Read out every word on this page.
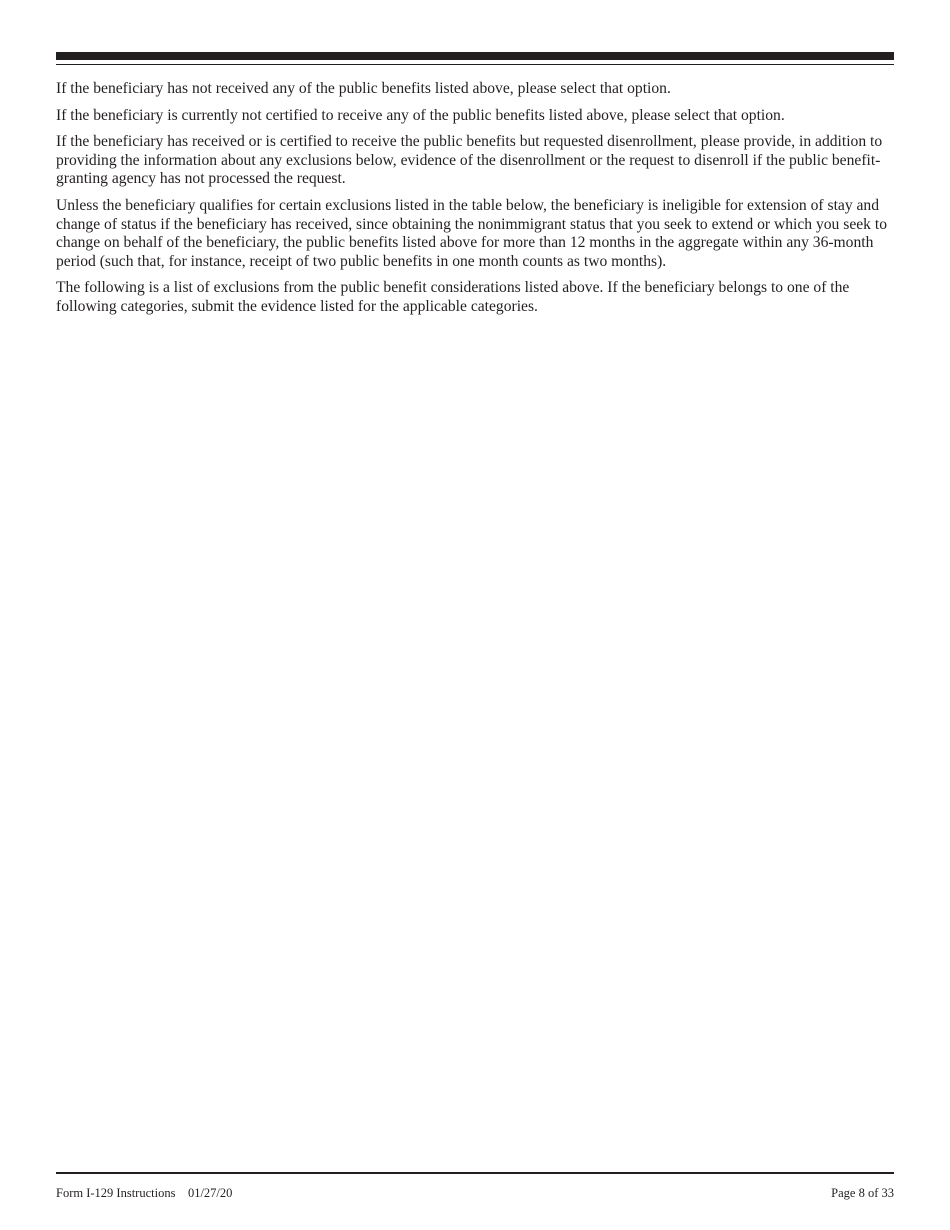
If the beneficiary has not received any of the public benefits listed above, please select that option.

If the beneficiary is currently not certified to receive any of the public benefits listed above, please select that option.

If the beneficiary has received or is certified to receive the public benefits but requested disenrollment, please provide, in addition to providing the information about any exclusions below, evidence of the disenrollment or the request to disenroll if the public benefit-granting agency has not processed the request.

Unless the beneficiary qualifies for certain exclusions listed in the table below, the beneficiary is ineligible for extension of stay and change of status if the beneficiary has received, since obtaining the nonimmigrant status that you seek to extend or which you seek to change on behalf of the beneficiary, the public benefits listed above for more than 12 months in the aggregate within any 36-month period (such that, for instance, receipt of two public benefits in one month counts as two months).

The following is a list of exclusions from the public benefit considerations listed above. If the beneficiary belongs to one of the following categories, submit the evidence listed for the applicable categories.

Form I-129 Instructions 01/27/20	Page 8 of 33
